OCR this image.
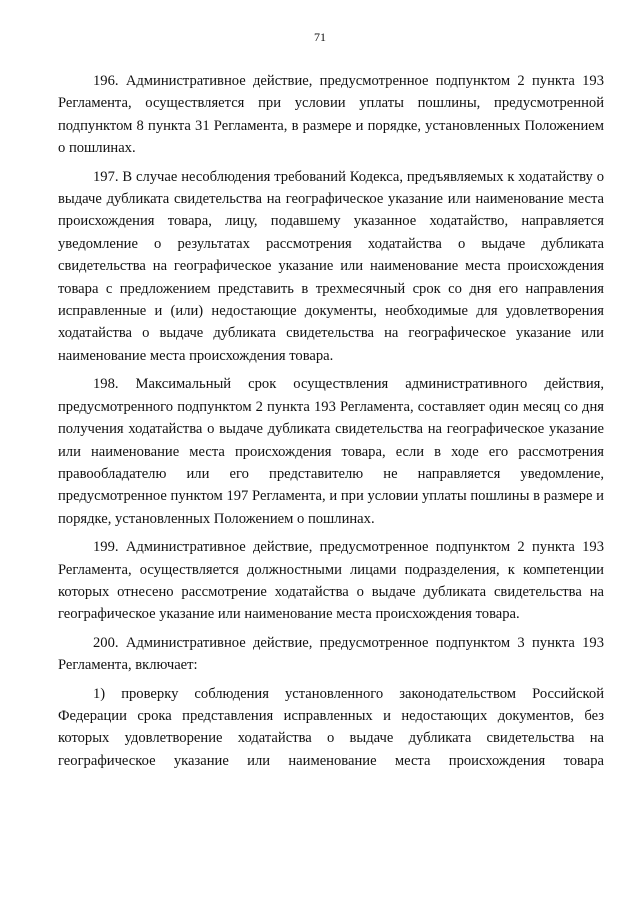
71

196. Административное действие, предусмотренное подпунктом 2 пункта 193 Регламента, осуществляется при условии уплаты пошлины, предусмотренной подпунктом 8 пункта 31 Регламента, в размере и порядке, установленных Положением о пошлинах.

197. В случае несоблюдения требований Кодекса, предъявляемых к ходатайству о выдаче дубликата свидетельства на географическое указание или наименование места происхождения товара, лицу, подавшему указанное ходатайство, направляется уведомление о результатах рассмотрения ходатайства о выдаче дубликата свидетельства на географическое указание или наименование места происхождения товара с предложением представить в трехмесячный срок со дня его направления исправленные и (или) недостающие документы, необходимые для удовлетворения ходатайства о выдаче дубликата свидетельства на географическое указание или наименование места происхождения товара.

198. Максимальный срок осуществления административного действия, предусмотренного подпунктом 2 пункта 193 Регламента, составляет один месяц со дня получения ходатайства о выдаче дубликата свидетельства на географическое указание или наименование места происхождения товара, если в ходе его рассмотрения правообладателю или его представителю не направляется уведомление, предусмотренное пунктом 197 Регламента, и при условии уплаты пошлины в размере и порядке, установленных Положением о пошлинах.

199. Административное действие, предусмотренное подпунктом 2 пункта 193 Регламента, осуществляется должностными лицами подразделения, к компетенции которых отнесено рассмотрение ходатайства о выдаче дубликата свидетельства на географическое указание или наименование места происхождения товара.

200. Административное действие, предусмотренное подпунктом 3 пункта 193 Регламента, включает:

1) проверку соблюдения установленного законодательством Российской Федерации срока представления исправленных и недостающих документов, без которых удовлетворение ходатайства о выдаче дубликата свидетельства на географическое указание или наименование места происхождения товара
